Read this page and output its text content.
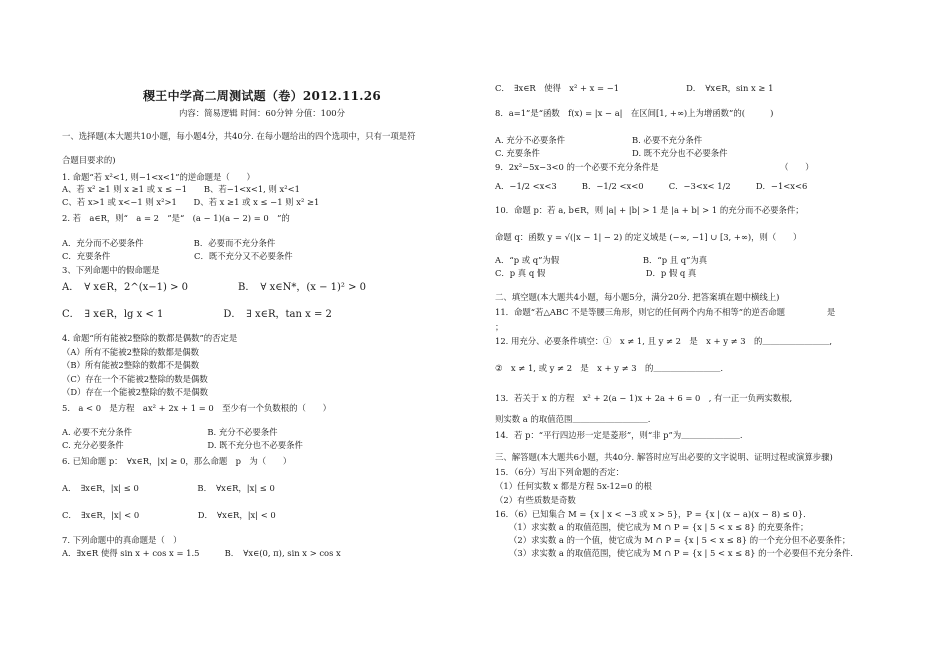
稷王中学高二周测试题（卷）2012.11.26
内容：简易逻辑 时间：60分钟 分值：100分
一、选择题(本大题共10小题，每小题4分，共40分. 在每小题给出的四个选项中，只有一项是符
合题目要求的)
1. 命题“若 x²<1, 则−1<x<1”的逆命题是（　　）
A、若 x² ≥1 则 x ≥1 或 x ≤ −1　　B、若−1<x<1, 则 x²<1
C、若 x>1 或 x<−1 则 x²>1　　D、若 x ≥1 或 x ≤ −1 则 x² ≥1
2. 若　a∈R，则“　a = 2　”是“　(a − 1)(a − 2) = 0　”的
A．充分而不必要条件　　　　　　B．必要而不充分条件
C．充要条件　　　　　　　　　　C．既不充分又不必要条件
3、下列命题中的假命题是
A．　∀ x∈R，2^(x−1) > 0　　　　　B．　∀ x∈N*，(x − 1)² > 0
C．　∃ x∈R，lg x < 1　　　　　　D．　∃ x∈R，tan x = 2
4. 命题“所有能被2整除的数都是偶数”的否定是
（A）所有不能被2整除的数都是偶数
（B）所有能被2整除的数都不是偶数
（C）存在一个不能被2整除的数是偶数
（D）存在一个能被2整除的数不是偶数
5.　a < 0　是方程　ax² + 2x + 1 = 0　至少有一个负数根的（　　）
A. 必要不充分条件　　　　　　　　　B. 充分不必要条件
C. 充分必要条件　　　　　　　　　　D. 既不充分也不必要条件
6. 已知命题 p：　∀x∈R，|x| ≥ 0，那么命题　p　为（　　）
A．　∃x∈R，|x| ≤ 0　　　　　　　B．　∀x∈R，|x| ≤ 0
C．　∃x∈R，|x| < 0　　　　　　　D．　∀x∈R，|x| < 0
7. 下列命题中的真命题是（　）
A．∃x∈R 使得 sin x + cos x = 1.5　　　B．　∀x∈(0, π), sin x > cos x
C．　∃x∈R　使得　x² + x = −1　　　　　　　　D．　∀x∈R，sin x ≥ 1
8．a=1”是“函数　f(x) = |x − a|　在区间[1, +∞)上为增函数”的(　　　)
A. 充分不必要条件　　　　　　　　B. 必要不充分条件
C. 充要条件　　　　　　　　　　　D. 既不充分也不必要条件
9．2x²−5x−3<0 的一个必要不充分条件是　　　　　　　　　　　　　　　（　　）
A．−1/2 <x<3　　　B．−1/2 <x<0　　　C．−3<x< 1/2　　　D．−1<x<6
10．命题 p：若 a, b∈R，则 |a| + |b| > 1 是 |a + b| > 1 的充分而不必要条件；
命题 q：函数 y = √(|x − 1| − 2) 的定义域是 (−∞, −1] ∪ [3, +∞)，则（　　）
A．“p 或 q”为假　　　　　　　　　　B．“p 且 q”为真
C．p 真 q 假　　　　　　　　　　　　D．p 假 q 真
二、填空题(本大题共4小题，每小题5分，满分20分. 把答案填在题中横线上)
11．命题“若△ABC 不是等腰三角形，则它的任何两个内角不相等”的逆否命题　　　　　是
；
12. 用充分、必要条件填空：①　x ≠ 1, 且 y ≠ 2　是　x + y ≠ 3　的＿＿＿＿＿＿＿＿,
②　x ≠ 1, 或 y ≠ 2　是　x + y ≠ 3　的＿＿＿＿＿＿＿＿.
13．若关于 x 的方程　x² + 2(a − 1)x + 2a + 6 = 0　, 有一正一负两实数根,
则实数 a 的取值范围＿＿＿＿＿＿＿＿＿.
14．若 p：“平行四边形一定是菱形”，则“非 p”为＿＿＿＿＿＿＿.
三、解答题(本大题共6小题，共40分. 解答时应写出必要的文字说明、证明过程或演算步骤)
15．（6分）写出下列命题的否定：
（1）任何实数 x 都是方程 5x-12=0 的根
（2）有些质数是奇数
16．（6）已知集合 M = {x | x < −3 或 x > 5}，P = {x | (x − a)(x − 8) ≤ 0}．
（1）求实数 a 的取值范围，使它成为 M ∩ P = {x | 5 < x ≤ 8} 的充要条件；
（2）求实数 a 的一个值，使它成为 M ∩ P = {x | 5 < x ≤ 8} 的一个充分但不必要条件；
（3）求实数 a 的取值范围，使它成为 M ∩ P = {x | 5 < x ≤ 8} 的一个必要但不充分条件.
